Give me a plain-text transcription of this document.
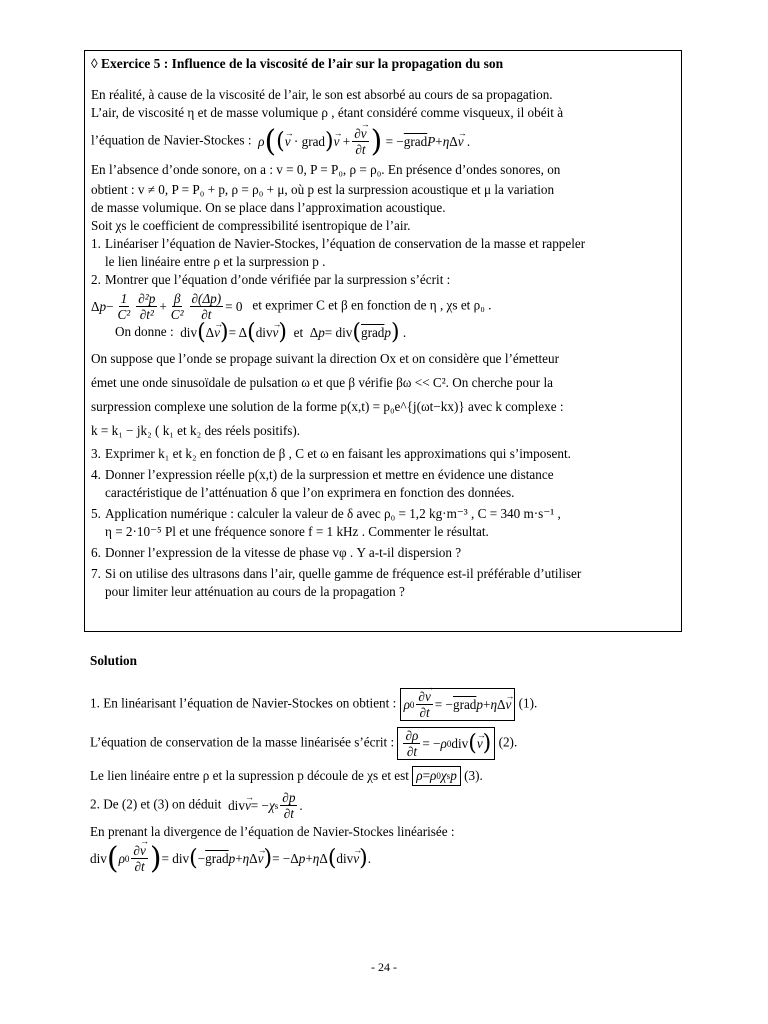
◊ Exercice 5 : Influence de la viscosité de l’air sur la propagation du son

En réalité, à cause de la viscosité de l’air, le son est absorbé au cours de sa propagation.

L’air, de viscosité η et de masse volumique ρ , étant considéré comme visqueux, il obéit à

l’équation de Navier-Stockes : ρ ( ( → v · grad ) → $v + \frac{\partial\to v}{\partial t}$ ) = − grad P + η Δ → v .

En l’absence d’onde sonore, on a : v = 0, P = P₀, ρ = ρ₀. En présence d’ondes sonores, on

obtient : v ≠ 0, P = P₀ + p, ρ = ρ₀ + μ, où p est la surpression acoustique et μ la variation

de masse volumique. On se place dans l’approximation acoustique.

Soit χs le coefficient de compressibilité isentropique de l’air.

1. Linéariser l’équation de Navier-Stockes, l’équation de conservation de la masse et rappeler
le lien linéaire entre ρ et la surpression p .
2. Montrer que l’équation d’onde vérifiée par la surpression s’écrit :

Δ $p - \frac{1}{\text{C²}} \frac{\text{∂²p}}{\text{∂t²}} + \frac{\beta}{\text{C²}} \frac{\partial(\Delta p)}{\partial t} = 0$   et exprimer C et β en fonction de η , χs et ρ₀ .

On donne :  div ( Δ → v ) = Δ ( div → v ) et  Δ p = div ( grad p ) .

On suppose que l’onde se propage suivant la direction Ox et on considère que l’émetteur
émet une onde sinusoïdale de pulsation ω et que β vérifie βω << C². On cherche pour la
surpression complexe une solution de la forme p(x,t) = p₀e^{j(ωt−kx)} avec k complexe :
k = k₁ − jk₂ ( k₁ et k₂ des réels positifs).

3. Exprimer k₁ et k₂ en fonction de β , C et ω en faisant les approximations qui s’imposent.
4. Donner l’expression réelle p(x,t) de la surpression et mettre en évidence une distance
caractéristique de l’atténuation δ que l’on exprimera en fonction des données.
5. Application numérique : calculer la valeur de δ avec ρ₀ = 1,2 kg·m⁻³ , C = 340 m·s⁻¹ ,
η = 2·10⁻⁵ Pl et une fréquence sonore f = 1 kHz . Commenter le résultat.
6. Donner l’expression de la vitesse de phase vφ . Y a-t-il dispersion ?
7. Si on utilise des ultrasons dans l’air, quelle gamme de fréquence est-il préférable d’utiliser
pour limiter leur atténuation au cours de la propagation ?
Solution

1. En linéarisant l’équation de Navier-Stockes on obtient : ρ $0 \frac{\partial\to v}{\partial t}$ = − grad p + η Δ → v (1).

L’équation de conservation de la masse linéarisée s’écrit : $\frac{\partial\rho}{\partial t}$ = − ρ 0 div ( → v ) (2).

Le lien linéaire entre ρ et la supression p découle de χs et est ρ = ρ 0 χ s p (3).

2. De (2) et (3) on déduit  div → v = − χ s $\frac{\partial p}{\partial t}$ .

En prenant la divergence de l’équation de Navier-Stockes linéarisée :

div ( ρ $0 \frac{\partial\to v}{\partial t}$ ) = div ( − grad p + η Δ → v ) = −Δ p + η Δ ( div → v ) .

- 24 -
